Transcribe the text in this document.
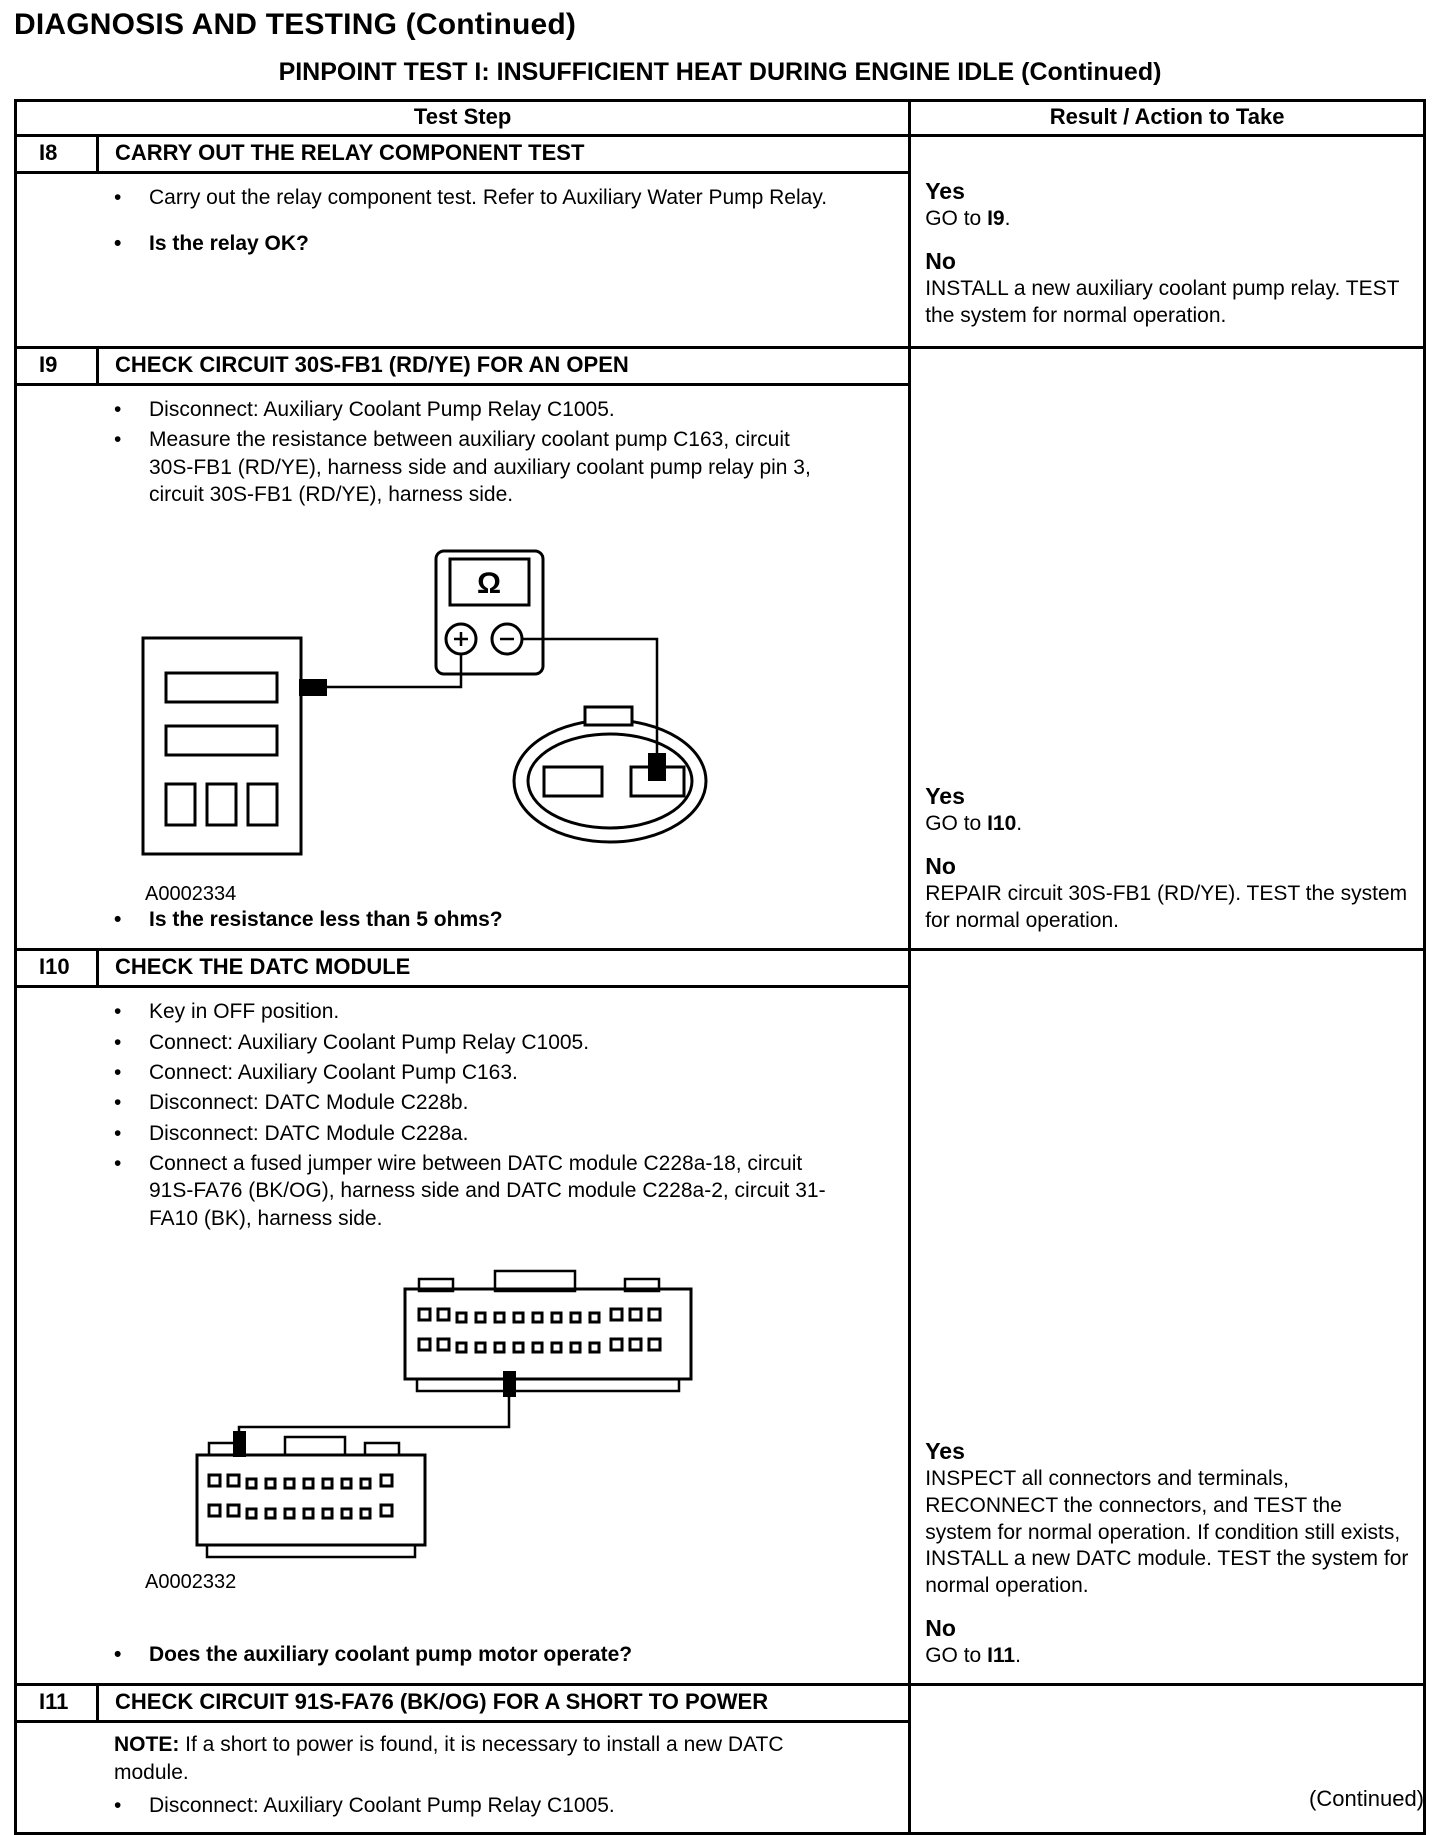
DIAGNOSIS AND TESTING (Continued)
PINPOINT TEST I: INSUFFICIENT HEAT DURING ENGINE IDLE (Continued)
Test Step	Result / Action to Take
I8	CARRY OUT THE RELAY COMPONENT TEST
• Carry out the relay component test. Refer to Auxiliary Water Pump Relay.
• Is the relay OK?
Yes
GO to I9.
No
INSTALL a new auxiliary coolant pump relay. TEST the system for normal operation.
I9	CHECK CIRCUIT 30S-FB1 (RD/YE) FOR AN OPEN
• Disconnect: Auxiliary Coolant Pump Relay C1005.
• Measure the resistance between auxiliary coolant pump C163, circuit 30S-FB1 (RD/YE), harness side and auxiliary coolant pump relay pin 3, circuit 30S-FB1 (RD/YE), harness side.
Ω
A0002334
• Is the resistance less than 5 ohms?
Yes
GO to I10.
No
REPAIR circuit 30S-FB1 (RD/YE). TEST the system for normal operation.
I10	CHECK THE DATC MODULE
• Key in OFF position.
• Connect: Auxiliary Coolant Pump Relay C1005.
• Connect: Auxiliary Coolant Pump C163.
• Disconnect: DATC Module C228b.
• Disconnect: DATC Module C228a.
• Connect a fused jumper wire between DATC module C228a-18, circuit 91S-FA76 (BK/OG), harness side and DATC module C228a-2, circuit 31-FA10 (BK), harness side.
A0002332
• Does the auxiliary coolant pump motor operate?
Yes
INSPECT all connectors and terminals, RECONNECT the connectors, and TEST the system for normal operation. If condition still exists, INSTALL a new DATC module. TEST the system for normal operation.
No
GO to I11.
I11	CHECK CIRCUIT 91S-FA76 (BK/OG) FOR A SHORT TO POWER
NOTE: If a short to power is found, it is necessary to install a new DATC module.
• Disconnect: Auxiliary Coolant Pump Relay C1005.	(Continued)
